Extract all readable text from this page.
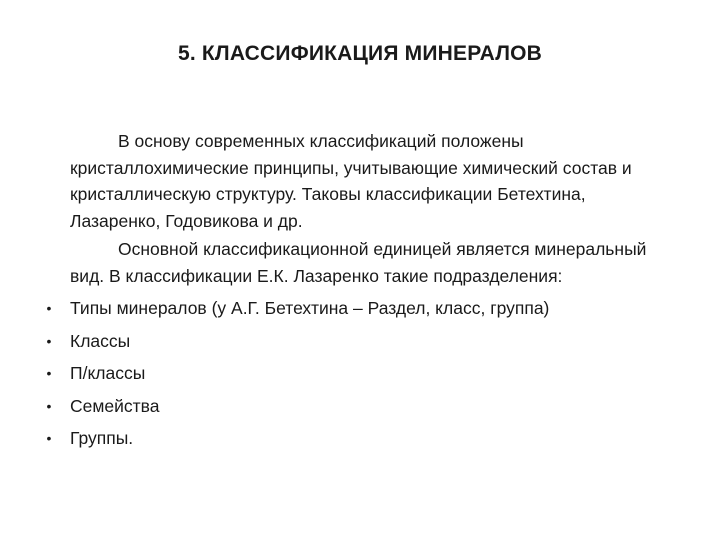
5. КЛАССИФИКАЦИЯ МИНЕРАЛОВ

В основу современных классификаций положены кристаллохимические принципы, учитывающие химический состав и кристаллическую структуру. Таковы классификации Бетехтина, Лазаренко, Годовикова и др.

Основной классификационной единицей является минеральный вид. В классификации Е.К. Лазаренко такие подразделения:

• Типы минералов (у А.Г. Бетехтина – Раздел, класс, группа)
• Классы
• П/классы
• Семейства
• Группы.
